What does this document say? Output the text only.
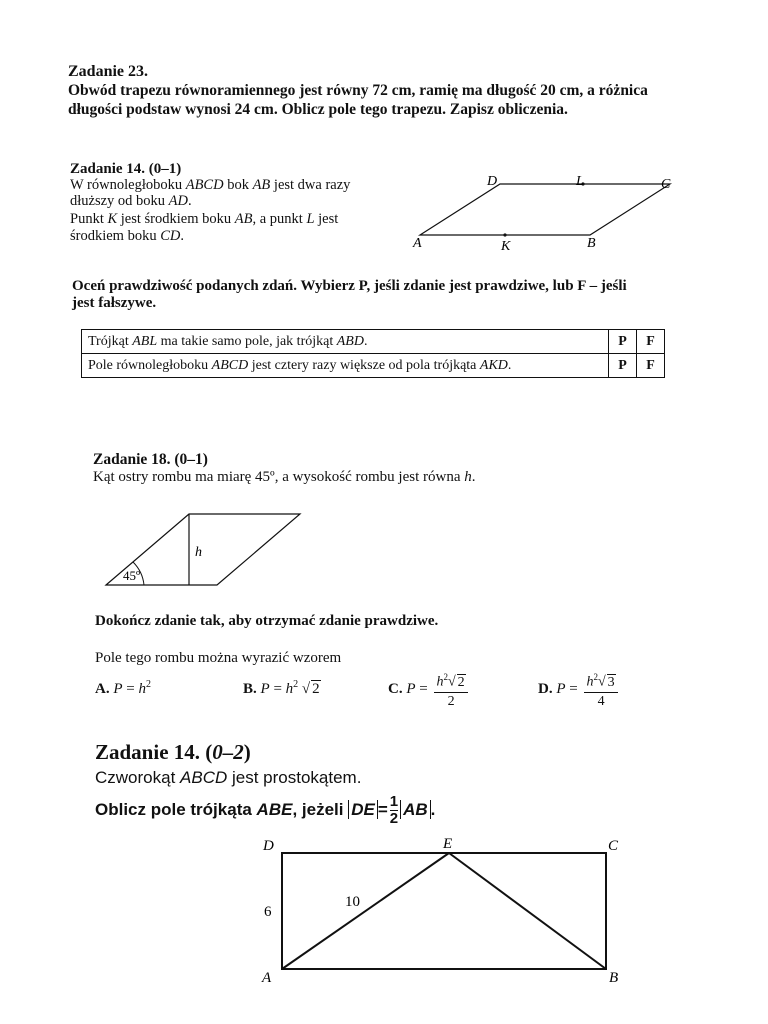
Zadanie 23.
Obwód trapezu równoramiennego jest równy 72 cm, ramię ma długość 20 cm, a różnica
długości podstaw wynosi 24 cm. Oblicz pole tego trapezu. Zapisz obliczenia.
Zadanie 14. (0–1)
W równoległoboku ABCD bok AB jest dwa razy
dłuższy od boku AD.
Punkt K jest środkiem boku AB, a punkt L jest
środkiem boku CD.
D	L	C
A	K	B
Oceń prawdziwość podanych zdań. Wybierz P, jeśli zdanie jest prawdziwe, lub F – jeśli
jest fałszywe.
Trójkąt ABL ma takie samo pole, jak trójkąt ABD.	P	F
Pole równoległoboku ABCD jest cztery razy większe od pola trójkąta AKD.	P	F
Zadanie 18. (0–1)
Kąt ostry rombu ma miarę 45º, a wysokość rombu jest równa h.
h
45º
Dokończ zdanie tak, aby otrzymać zdanie prawdziwe.
Pole tego rombu można wyrazić wzorem
A. $P = h^2$	B. $P = h^2$ √ 2	C. $P = \frac{h^2√ 2}{2}$	D. $P = \frac{h^2√ 3}{4}$
Zadanie 14. (0–2)
Czworokąt ABCD jest prostokątem.
Oblicz pole trójkąta ABE, jeżeli DE = $\frac{1}{2}$ AB .
D	E	C
A	B
6
10
